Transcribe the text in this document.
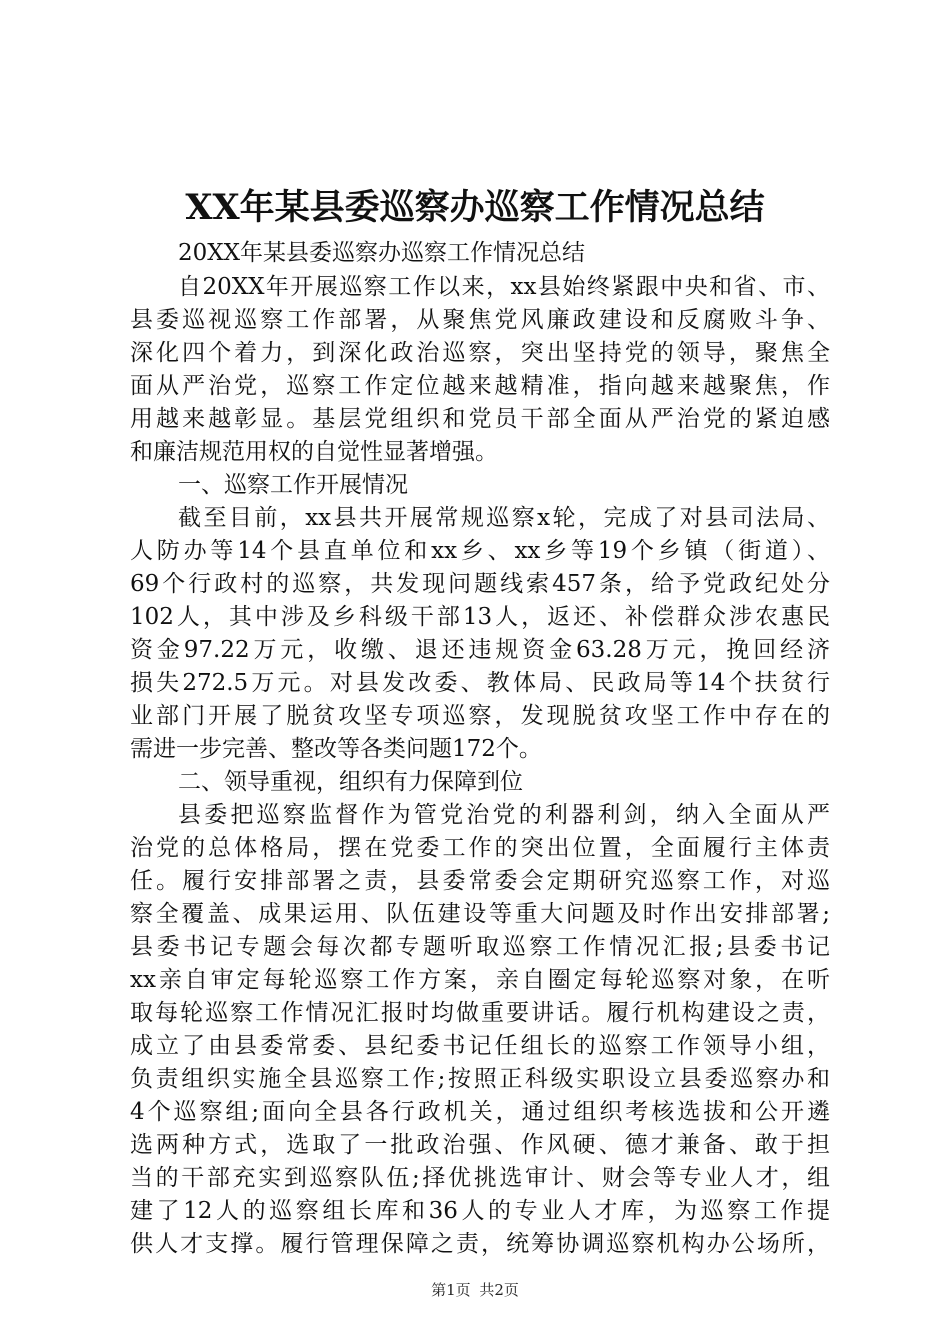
XX年某县委巡察办巡察工作情况总结
20XX年某县委巡察办巡察工作情况总结
自20XX年开展巡察工作以来，xx县始终紧跟中央和省、市、
县委巡视巡察工作部署，从聚焦党风廉政建设和反腐败斗争、
深化四个着力，到深化政治巡察，突出坚持党的领导，聚焦全
面从严治党，巡察工作定位越来越精准，指向越来越聚焦，作
用越来越彰显。基层党组织和党员干部全面从严治党的紧迫感
和廉洁规范用权的自觉性显著增强。
一、巡察工作开展情况
截至目前，xx县共开展常规巡察x轮，完成了对县司法局、
人防办等14个县直单位和xx乡、xx乡等19个乡镇（街道）、
69个行政村的巡察，共发现问题线索457条，给予党政纪处分
102人，其中涉及乡科级干部13人，返还、补偿群众涉农惠民
资金97.22万元，收缴、退还违规资金63.28万元，挽回经济
损失272.5万元。对县发改委、教体局、民政局等14个扶贫行
业部门开展了脱贫攻坚专项巡察，发现脱贫攻坚工作中存在的
需进一步完善、整改等各类问题172个。
二、领导重视，组织有力保障到位
县委把巡察监督作为管党治党的利器利剑，纳入全面从严
治党的总体格局，摆在党委工作的突出位置，全面履行主体责
任。履行安排部署之责，县委常委会定期研究巡察工作，对巡
察全覆盖、成果运用、队伍建设等重大问题及时作出安排部署;
县委书记专题会每次都专题听取巡察工作情况汇报;县委书记
xx亲自审定每轮巡察工作方案，亲自圈定每轮巡察对象，在听
取每轮巡察工作情况汇报时均做重要讲话。履行机构建设之责，
成立了由县委常委、县纪委书记任组长的巡察工作领导小组，
负责组织实施全县巡察工作;按照正科级实职设立县委巡察办和
4个巡察组;面向全县各行政机关，通过组织考核选拔和公开遴
选两种方式，选取了一批政治强、作风硬、德才兼备、敢于担
当的干部充实到巡察队伍;择优挑选审计、财会等专业人才，组
建了12人的巡察组长库和36人的专业人才库，为巡察工作提
供人才支撑。履行管理保障之责，统筹协调巡察机构办公场所，
第1页 共2页
